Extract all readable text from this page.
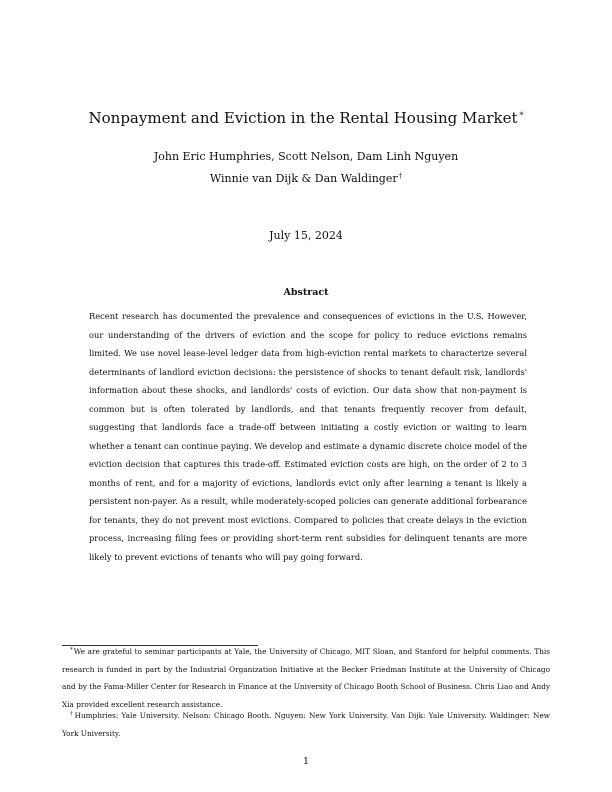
Nonpayment and Eviction in the Rental Housing Market *
John Eric Humphries, Scott Nelson, Dam Linh Nguyen
Winnie van Dijk & Dan Waldinger†
July 15, 2024
Abstract

Recent research has documented the prevalence and consequences of evictions in the U.S. However, our understanding of the drivers of eviction and the scope for policy to reduce evictions remains limited. We use novel lease-level ledger data from high-eviction rental markets to characterize several determinants of landlord eviction decisions: the persistence of shocks to tenant default risk, landlords' information about these shocks, and landlords' costs of eviction. Our data show that non-payment is common but is often tolerated by landlords, and that tenants frequently recover from default, suggesting that landlords face a trade-off between initiating a costly eviction or waiting to learn whether a tenant can continue paying. We develop and estimate a dynamic discrete choice model of the eviction decision that captures this trade-off. Estimated eviction costs are high, on the order of 2 to 3 months of rent, and for a majority of evictions, landlords evict only after learning a tenant is likely a persistent non-payer. As a result, while moderately-scoped policies can generate additional forbearance for tenants, they do not prevent most evictions. Compared to policies that create delays in the eviction process, increasing filing fees or providing short-term rent subsidies for delinquent tenants are more likely to prevent evictions of tenants who will pay going forward.

*We are grateful to seminar participants at Yale, the University of Chicago, MIT Sloan, and Stanford for helpful comments. This research is funded in part by the Industrial Organization Initiative at the Becker Friedman Institute at the University of Chicago and by the Fama-Miller Center for Research in Finance at the University of Chicago Booth School of Business. Chris Liao and Andy Xia provided excellent research assistance.

†Humphries: Yale University. Nelson: Chicago Booth. Nguyen: New York University. Van Dijk: Yale University. Waldinger: New York University.

1
